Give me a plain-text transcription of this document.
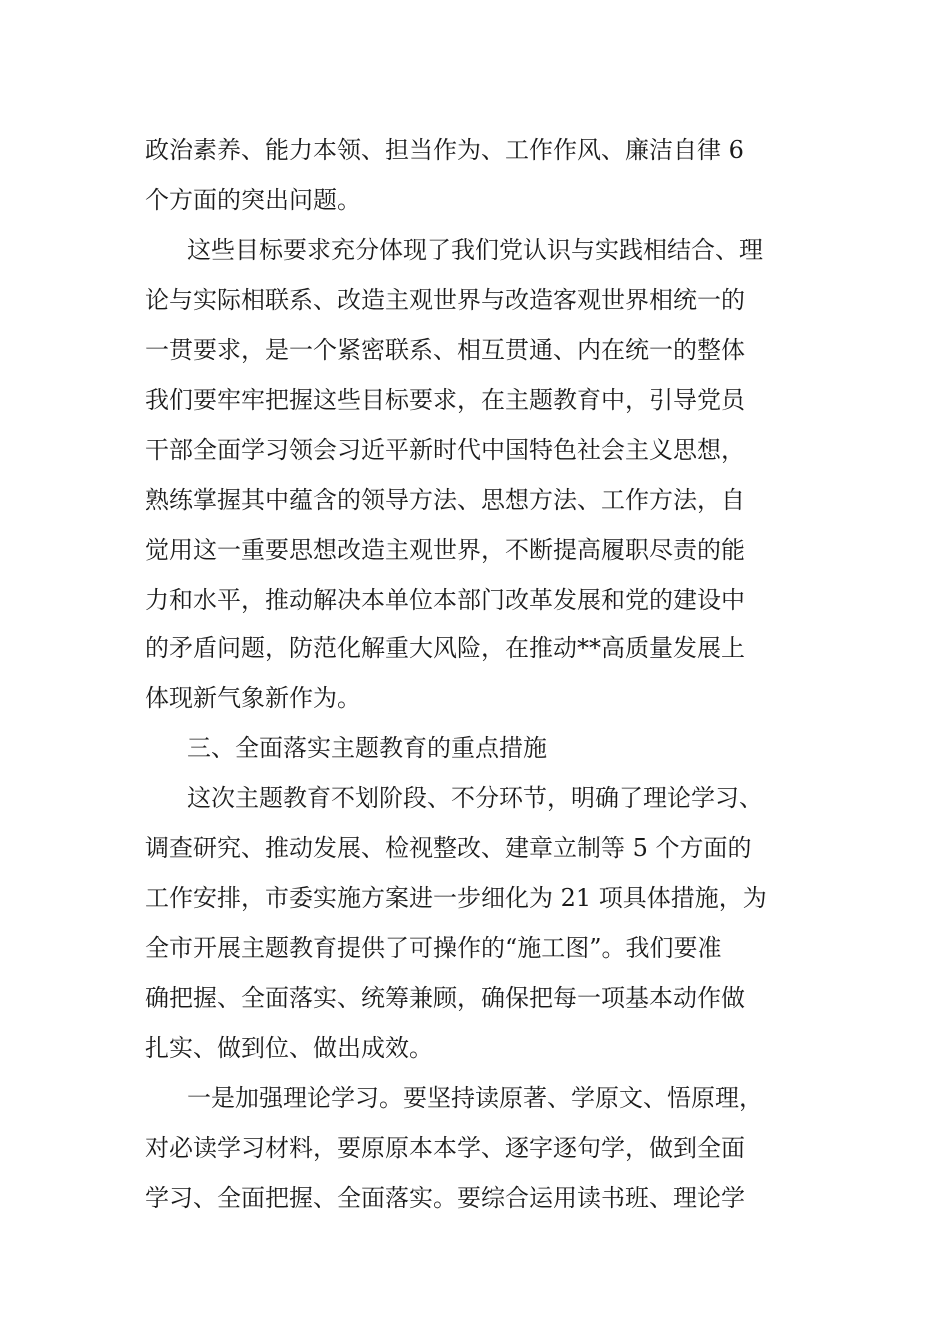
政治素养、能力本领、担当作为、工作作风、廉洁自律 6
个方面的突出问题。
这些目标要求充分体现了我们党认识与实践相结合、理
论与实际相联系、改造主观世界与改造客观世界相统一的
一贯要求，是一个紧密联系、相互贯通、内在统一的整体
我们要牢牢把握这些目标要求，在主题教育中，引导党员
干部全面学习领会习近平新时代中国特色社会主义思想，
熟练掌握其中蕴含的领导方法、思想方法、工作方法，自
觉用这一重要思想改造主观世界，不断提高履职尽责的能
力和水平，推动解决本单位本部门改革发展和党的建设中
的矛盾问题，防范化解重大风险，在推动**高质量发展上
体现新气象新作为。
三、全面落实主题教育的重点措施
这次主题教育不划阶段、不分环节，明确了理论学习、
调查研究、推动发展、检视整改、建章立制等 5 个方面的
工作安排，市委实施方案进一步细化为 21 项具体措施，为
全市开展主题教育提供了可操作的“施工图”。我们要准
确把握、全面落实、统筹兼顾，确保把每一项基本动作做
扎实、做到位、做出成效。
一是加强理论学习。要坚持读原著、学原文、悟原理，
对必读学习材料，要原原本本学、逐字逐句学，做到全面
学习、全面把握、全面落实。要综合运用读书班、理论学
